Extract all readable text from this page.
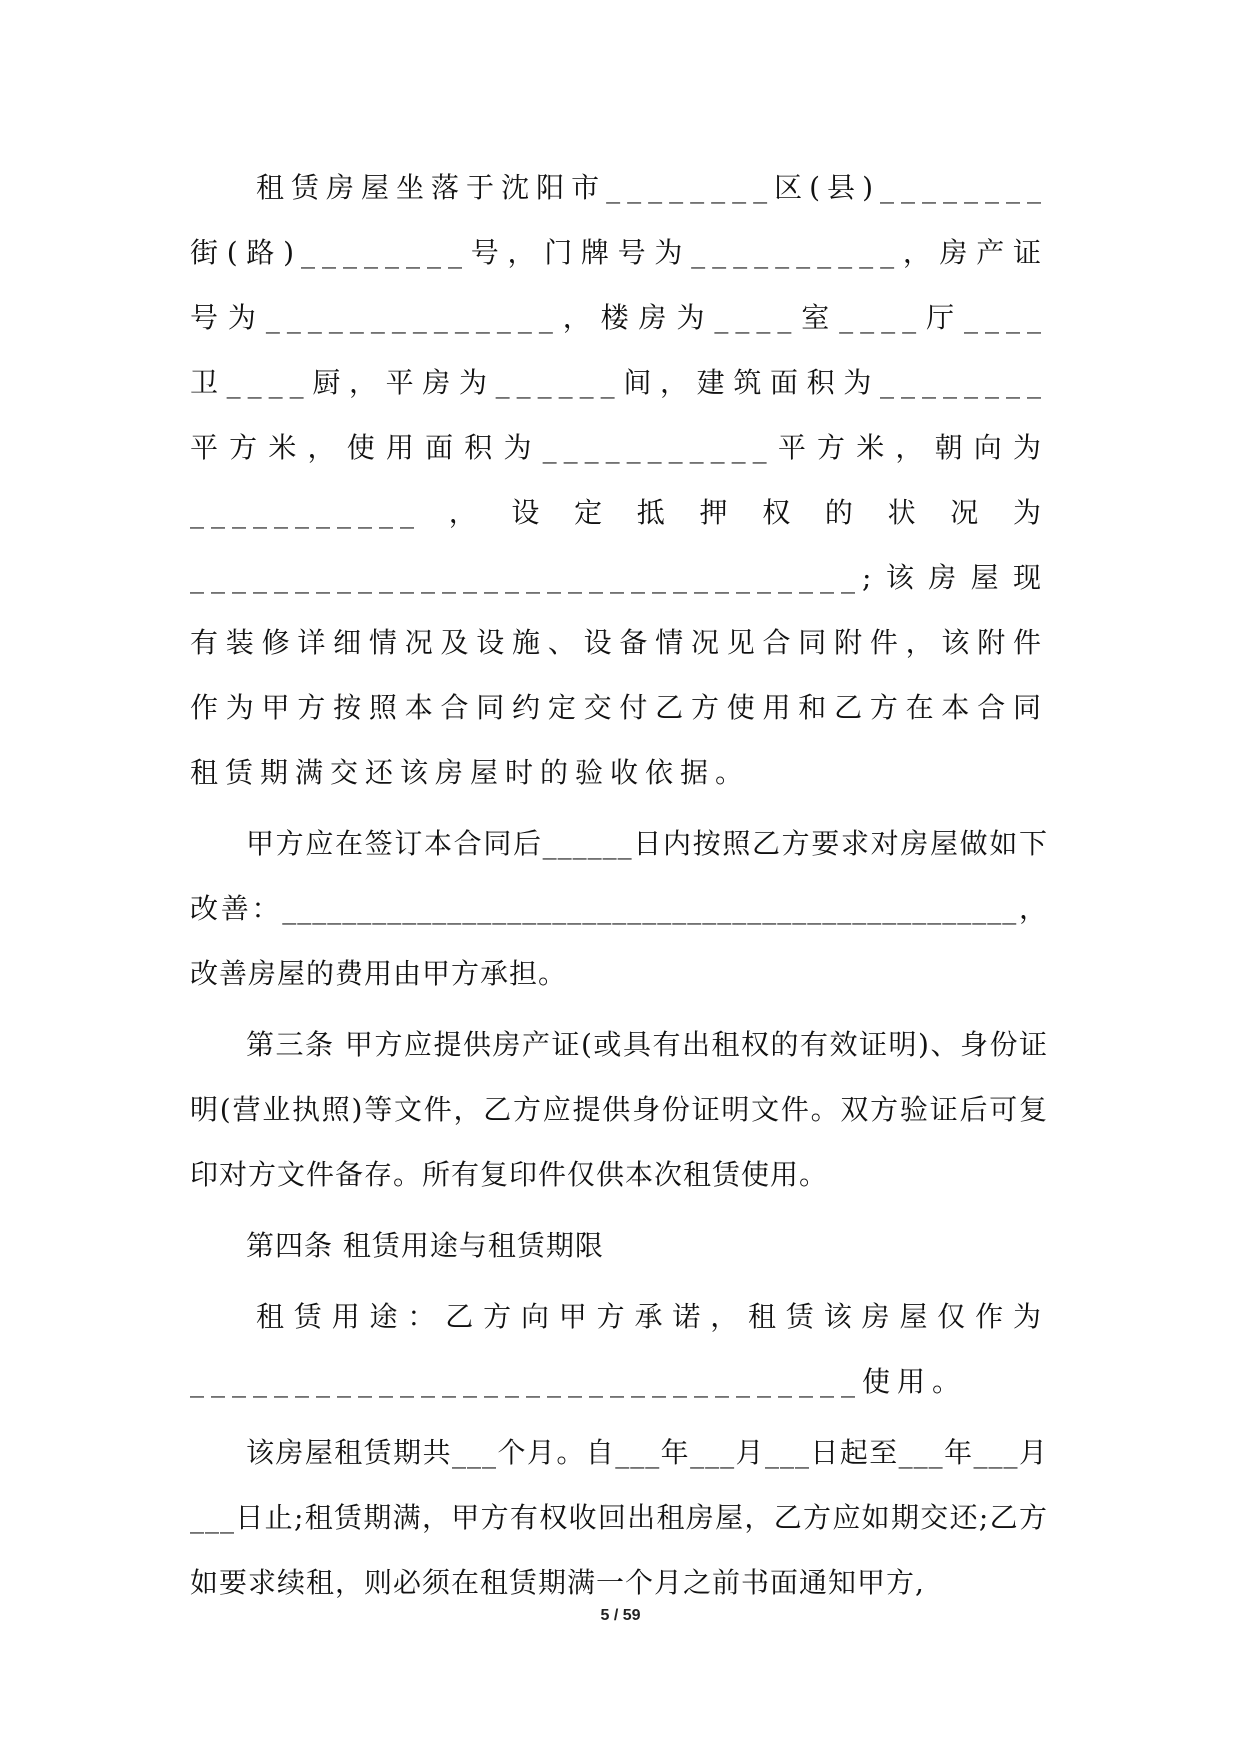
租赁房屋坐落于沈阳市________区(县)________街(路)________号，门牌号为__________，房产证号为______________，楼房为____室____厅____卫____厨，平房为______间，建筑面积为________平方米，使用面积为___________平方米，朝向为___________，设定抵押权的状况为________________________________;该房屋现有装修详细情况及设施、设备情况见合同附件，该附件作为甲方按照本合同约定交付乙方使用和乙方在本合同租赁期满交还该房屋时的验收依据。

甲方应在签订本合同后______日内按照乙方要求对房屋做如下改善：_________________________________________________，改善房屋的费用由甲方承担。

第三条 甲方应提供房产证(或具有出租权的有效证明)、身份证明(营业执照)等文件，乙方应提供身份证明文件。双方验证后可复印对方文件备存。所有复印件仅供本次租赁使用。

第四条 租赁用途与租赁期限

租赁用途：乙方向甲方承诺，租赁该房屋仅作为________________________________使用。

该房屋租赁期共___个月。自___年___月___日起至___年___月___日止;租赁期满，甲方有权收回出租房屋，乙方应如期交还;乙方如要求续租，则必须在租赁期满一个月之前书面通知甲方,

5 / 59
